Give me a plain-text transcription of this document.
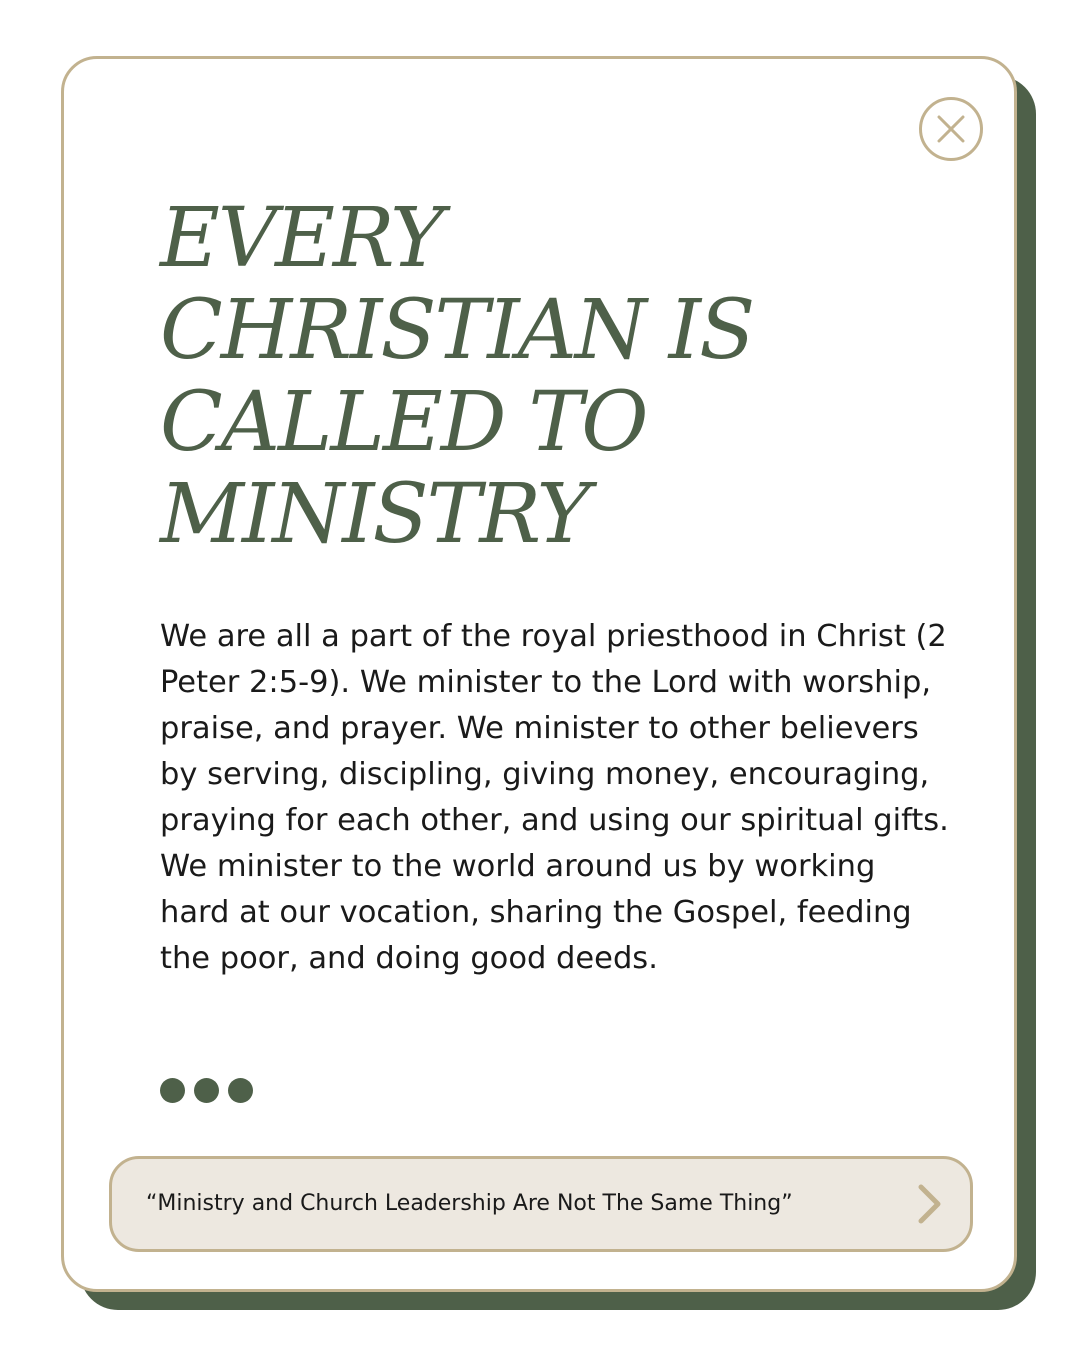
EVERY CHRISTIAN IS CALLED TO MINISTRY

We are all a part of the royal priesthood in Christ (2 Peter 2:5-9). We minister to the Lord with worship, praise, and prayer. We minister to other believers by serving, discipling, giving money, encouraging, praying for each other, and using our spiritual gifts. We minister to the world around us by working hard at our vocation, sharing the Gospel, feeding the poor, and doing good deeds.

“Ministry and Church Leadership Are Not The Same Thing”
